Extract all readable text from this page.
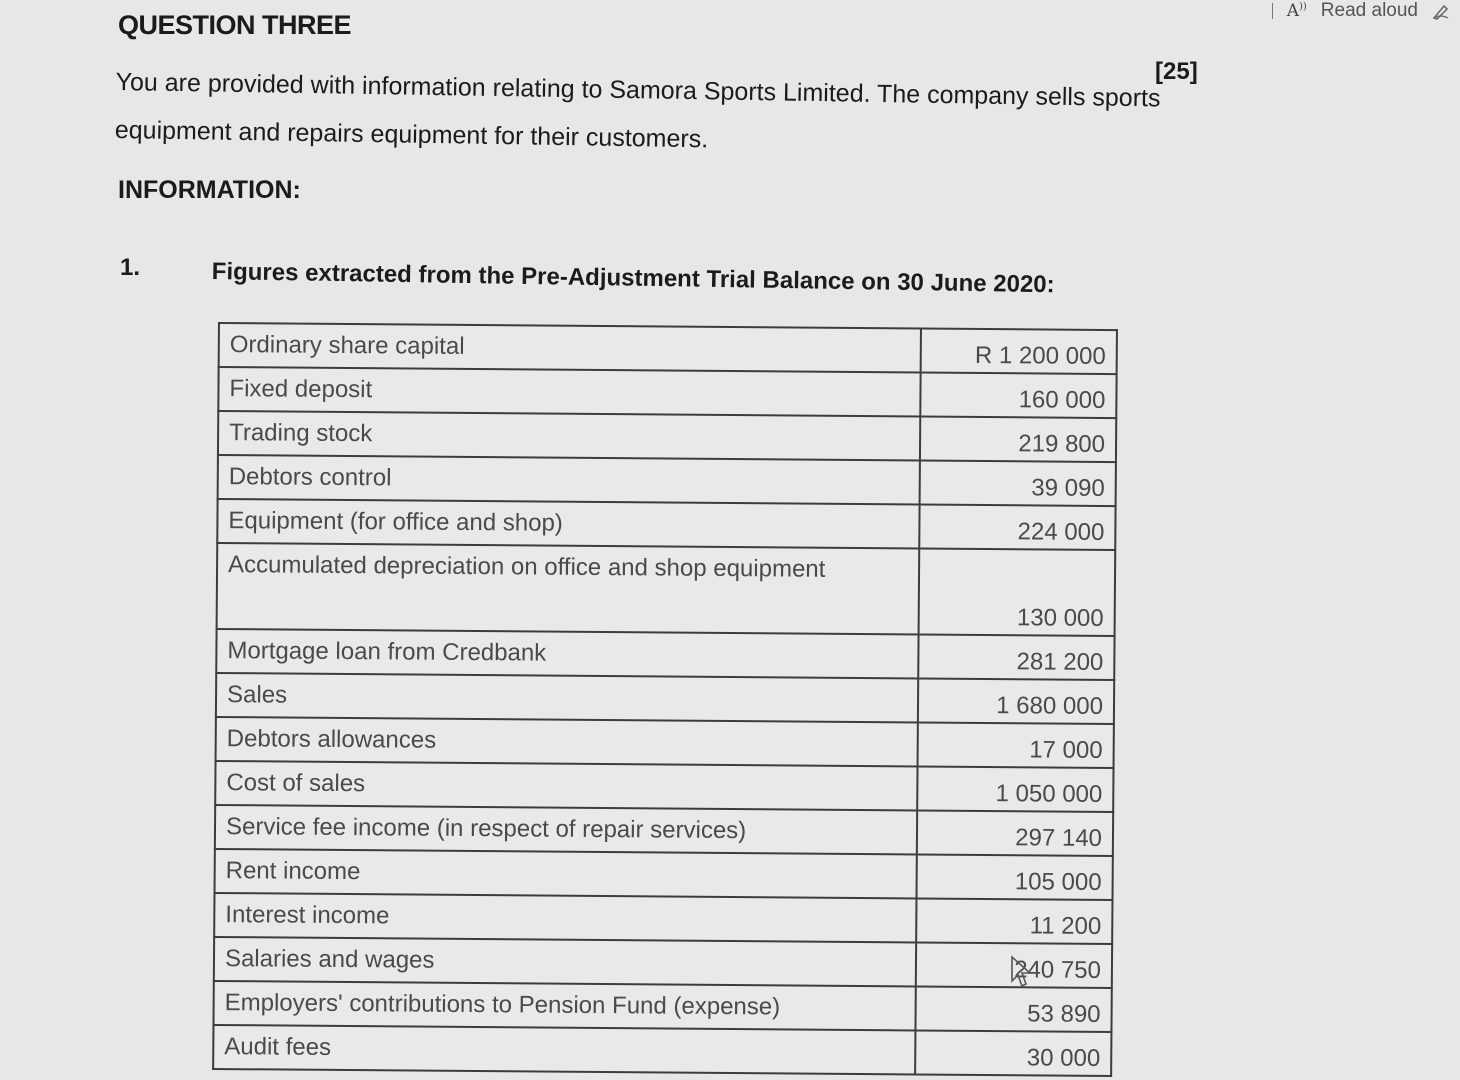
A)) Read aloud
QUESTION THREE
[25]
You are provided with information relating to Samora Sports Limited. The company sells sports equipment and repairs equipment for their customers.
INFORMATION:
1.	Figures extracted from the Pre-Adjustment Trial Balance on 30 June 2020:
Ordinary share capital	R 1 200 000
Fixed deposit	160 000
Trading stock	219 800
Debtors control	39 090
Equipment (for office and shop)	224 000
Accumulated depreciation on office and shop equipment	130 000
Mortgage loan from Credbank	281 200
Sales	1 680 000
Debtors allowances	17 000
Cost of sales	1 050 000
Service fee income (in respect of repair services)	297 140
Rent income	105 000
Interest income	11 200
Salaries and wages	240 750
Employers' contributions to Pension Fund (expense)	53 890
Audit fees	30 000
